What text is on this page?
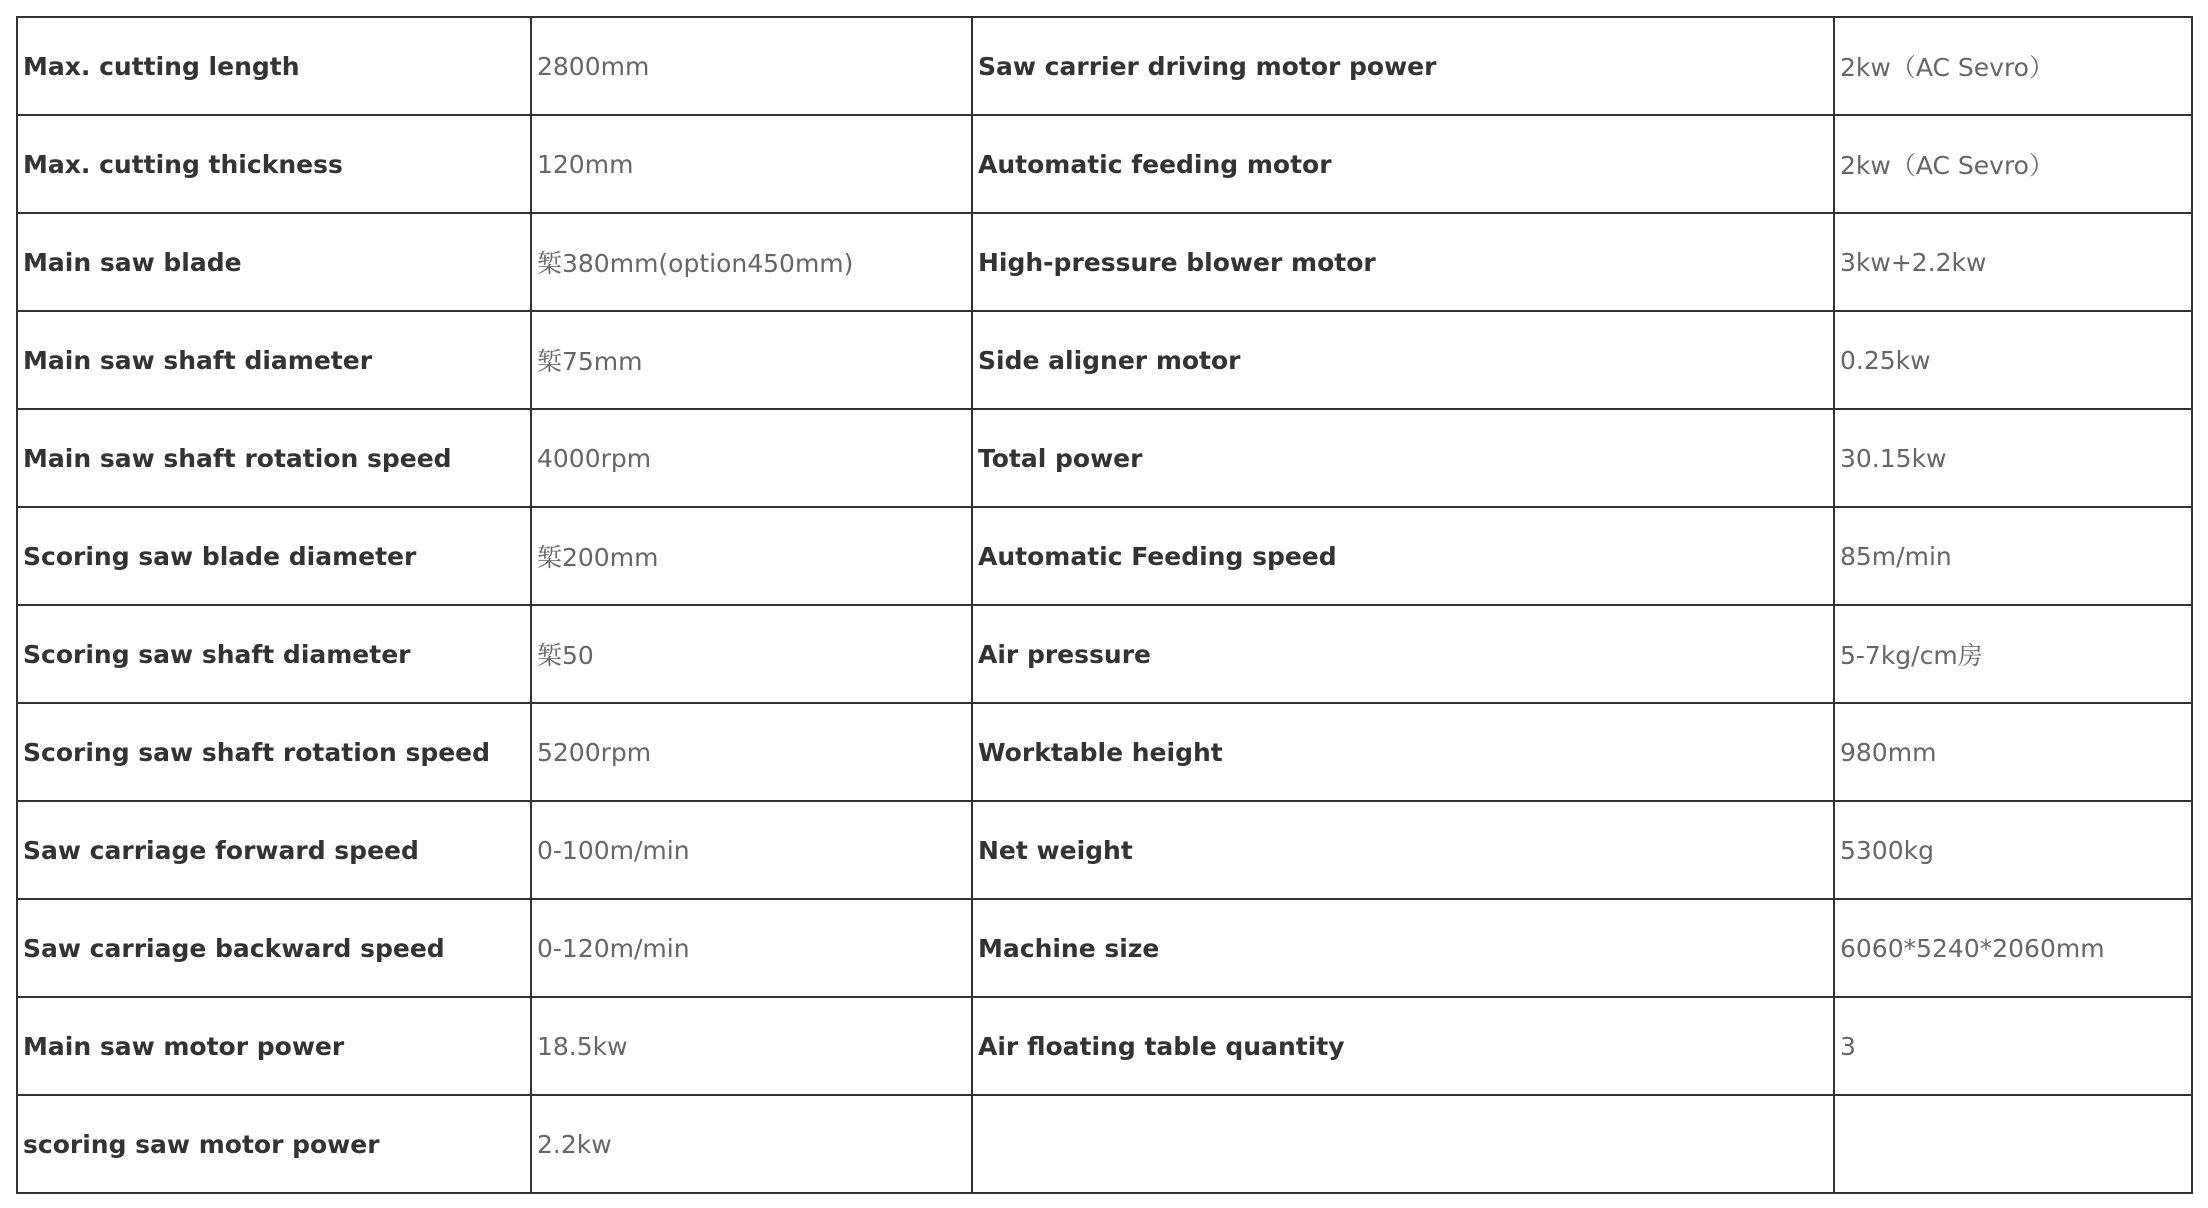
Max. cutting length	2800mm	Saw carrier driving motor power	2kw（AC Sevro）
Max. cutting thickness	120mm	Automatic feeding motor	2kw（AC Sevro）
Main saw blade	椠380mm(option450mm)	High-pressure blower motor	3kw+2.2kw
Main saw shaft diameter	椠75mm	Side aligner motor	0.25kw
Main saw shaft rotation speed	4000rpm	Total power	30.15kw
Scoring saw blade diameter	椠200mm	Automatic Feeding speed	85m/min
Scoring saw shaft diameter	椠50	Air pressure	5-7kg/cm房
Scoring saw shaft rotation speed	5200rpm	Worktable height	980mm
Saw carriage forward speed	0-100m/min	Net weight	5300kg
Saw carriage backward speed	0-120m/min	Machine size	6060*5240*2060mm
Main saw motor power	18.5kw	Air floating table quantity	3
scoring saw motor power	2.2kw		
